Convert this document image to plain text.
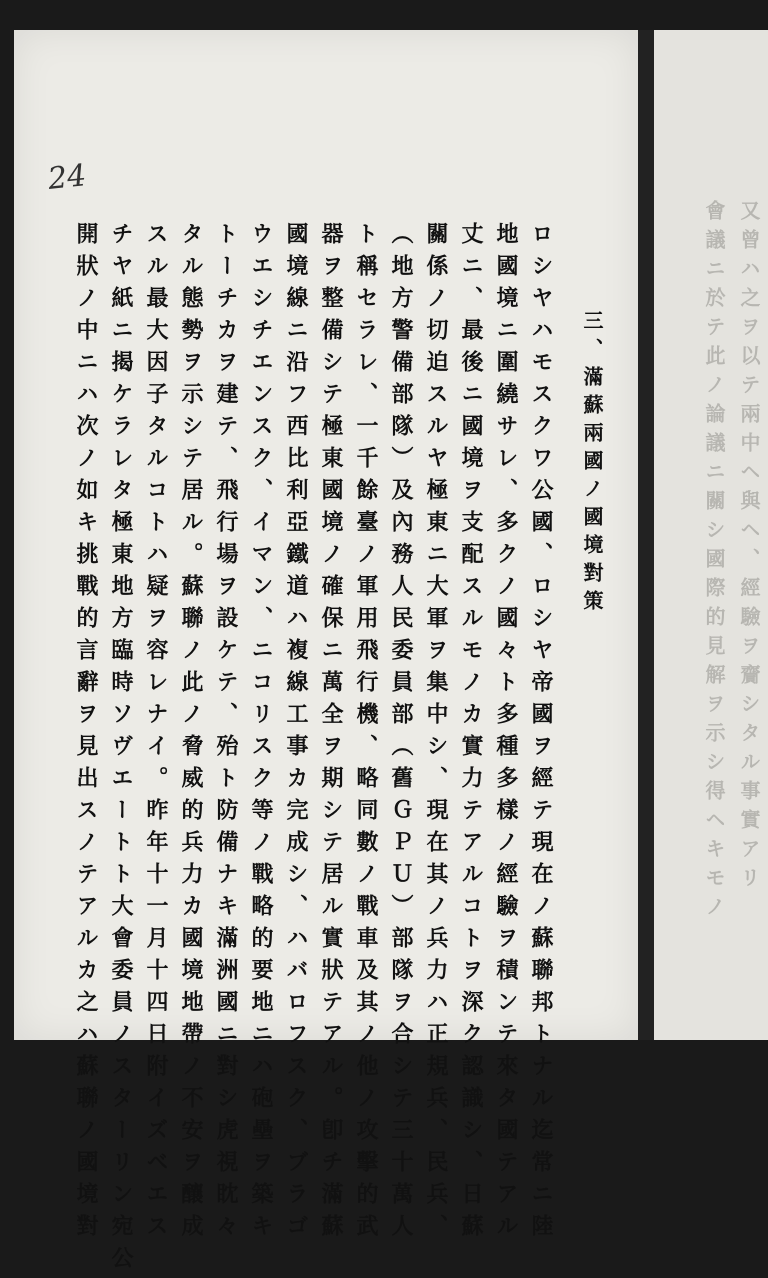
又曾ハ之ヲ以テ兩中ヘ與ヘ、經驗ヲ齎シタル事實アリ
會議ニ於テ此ノ論議ニ關シ國際的見解ヲ示シ得ヘキモノ
24
三、滿蘇兩國ノ國境對策
ロシヤハモスクワ公國、ロシヤ帝國ヲ經テ現在ノ蘇聯邦トナル迄常ニ陸
地國境ニ圍繞サレ、多クノ國々ト多種多樣ノ經驗ヲ積ンテ來タ國テアル
丈ニ、最後ニ國境ヲ支配スルモノカ實力テアルコトヲ深ク認識シ、日蘇
關係ノ切迫スルヤ極東ニ大軍ヲ集中シ、現在其ノ兵力ハ正規兵、民兵、
（地方警備部隊）及內務人民委員部（舊ＧＰＵ）部隊ヲ合シテ三十萬人
ト稱セラレ、一千餘臺ノ軍用飛行機、略同數ノ戰車及其ノ他ノ攻擊的武
器ヲ整備シテ極東國境ノ確保ニ萬全ヲ期シテ居ル實狀テアル。卽チ滿蘇
國境線ニ沿フ西比利亞鐵道ハ複線工事カ完成シ、ハバロフスク、ブラゴ
ウエシチエンスク、イマン、ニコリスク等ノ戰略的要地ニハ砲壘ヲ築キ
トーチカヲ建テ、飛行場ヲ設ケテ、殆ト防備ナキ滿洲國ニ對シ虎視眈々
タル態勢ヲ示シテ居ル。蘇聯ノ此ノ脅威的兵力カ國境地帶ノ不安ヲ釀成
スル最大因子タルコトハ疑ヲ容レナイ。昨年十一月十四日附イズベエス
チヤ紙ニ揭ケラレタ極東地方臨時ソヴエートト大會委員ノスターリン宛公
開狀ノ中ニハ次ノ如キ挑戰的言辭ヲ見出スノテアルカ之ハ蘇聯ノ國境對
